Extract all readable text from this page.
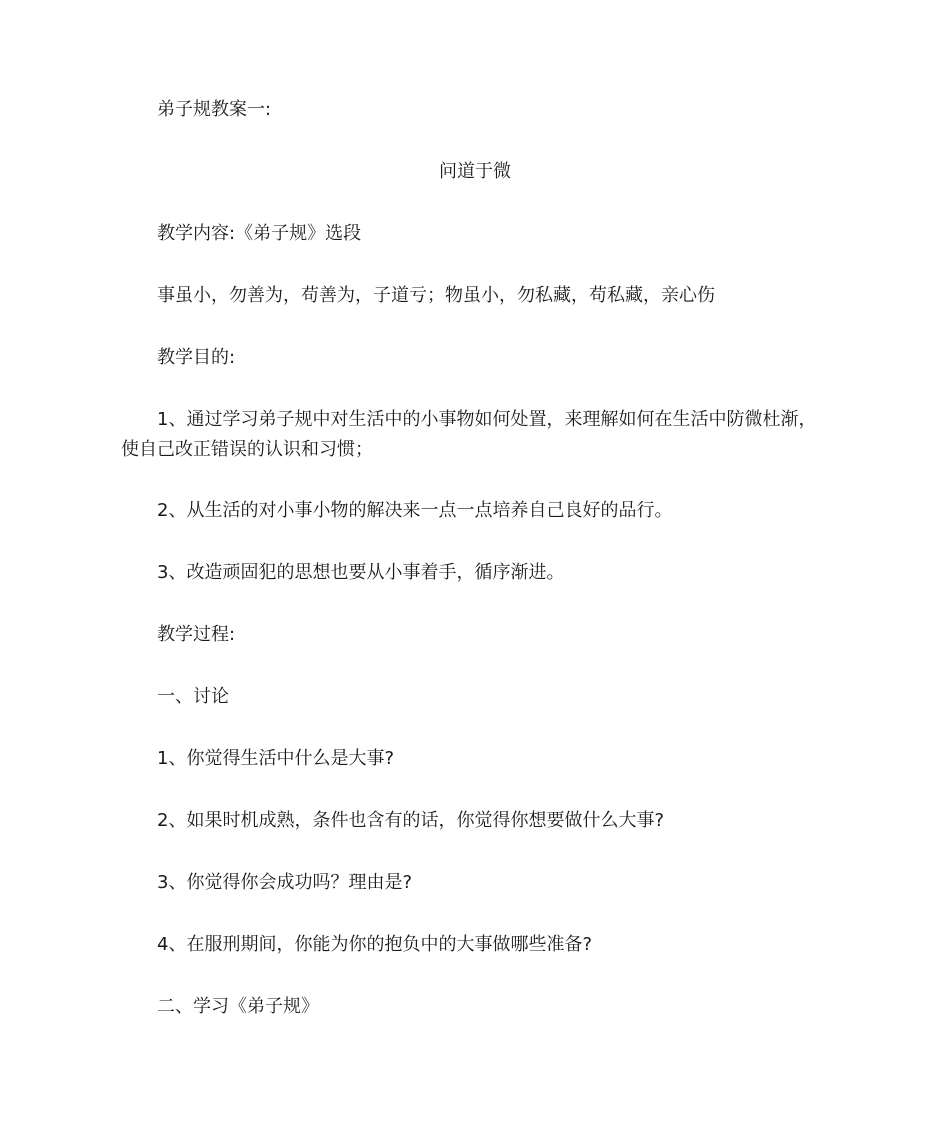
弟子规教案一:
问道于微
教学内容:《弟子规》选段
事虽小，勿善为，苟善为，子道亏；物虽小，勿私藏，苟私藏，亲心伤
教学目的:
1、通过学习弟子规中对生活中的小事物如何处置，来理解如何在生活中防微杜渐，
使自己改正错误的认识和习惯；
2、从生活的对小事小物的解决来一点一点培养自己良好的品行。
3、改造顽固犯的思想也要从小事着手，循序渐进。
教学过程:
一、讨论
1、你觉得生活中什么是大事?
2、如果时机成熟，条件也含有的话，你觉得你想要做什么大事?
3、你觉得你会成功吗？理由是?
4、在服刑期间，你能为你的抱负中的大事做哪些准备?
二、学习《弟子规》
